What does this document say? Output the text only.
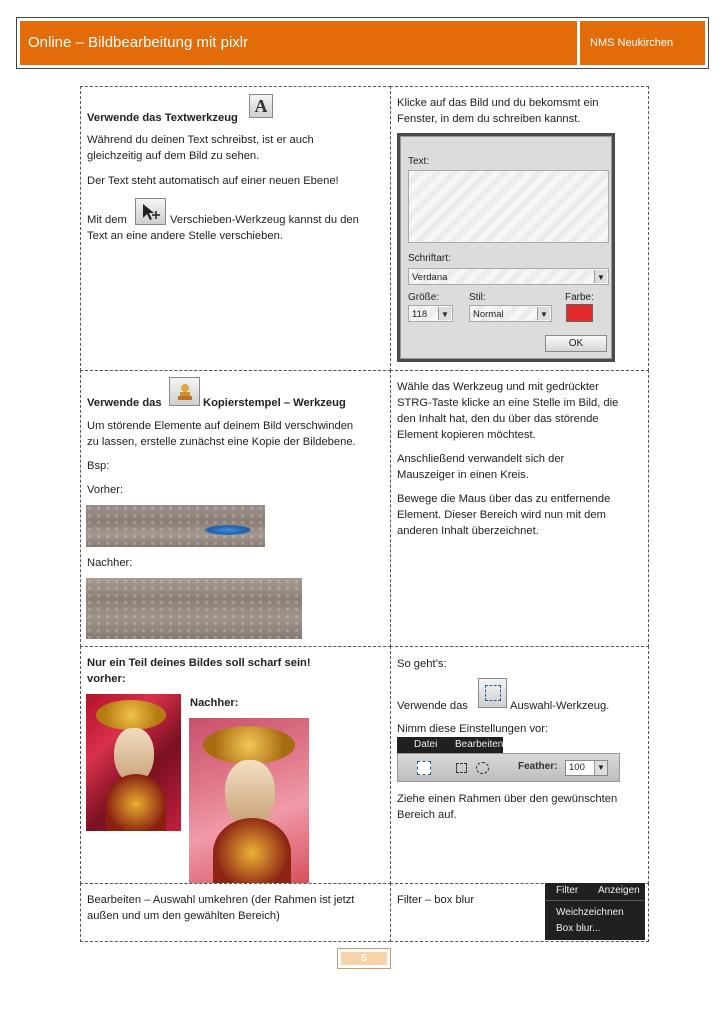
Online – Bildbearbeitung mit pixlr	NMS Neukirchen
Verwende das Textwerkzeug
A
Während du deinen Text schreibst, ist er auch
gleichzeitig auf dem Bild zu sehen.
Der Text steht automatisch auf einer neuen Ebene!
Mit dem	Verschieben-Werkzeug kannst du den
Text an eine andere Stelle verschieben.
Klicke auf das Bild und du bekomsmt ein
Fenster, in dem du schreiben kannst.
Text:
Schriftart:
Verdana	▼
Größe:	Stil:	Farbe:
118	▼	Normal	▼
OK
Verwende das	Kopierstempel – Werkzeug
Um störende Elemente auf deinem Bild verschwinden
zu lassen, erstelle zunächst eine Kopie der Bildebene.
Bsp:
Vorher:
Nachher:
Wähle das Werkzeug und mit gedrückter
STRG-Taste klicke an eine Stelle im Bild, die
den Inhalt hat, den du über das störende
Element kopieren möchtest.
Anschließend verwandelt sich der
Mauszeiger in einen Kreis.
Bewege die Maus über das zu entfernende
Element. Dieser Bereich wird nun mit dem
anderen Inhalt überzeichnet.
Nur ein Teil deines Bildes soll scharf sein!
vorher:
Nachher:
So geht’s:
Verwende das	Auswahl-Werkzeug.
Nimm diese Einstellungen vor:
Datei Bearbeiten
Feather: 100	▼
Ziehe einen Rahmen über den gewünschten
Bereich auf.
Bearbeiten – Auswahl umkehren (der Rahmen ist jetzt
außen und um den gewählten Bereich)
Filter – box blur
Filter Anzeigen
Weichzeichnen
Box blur...
5
